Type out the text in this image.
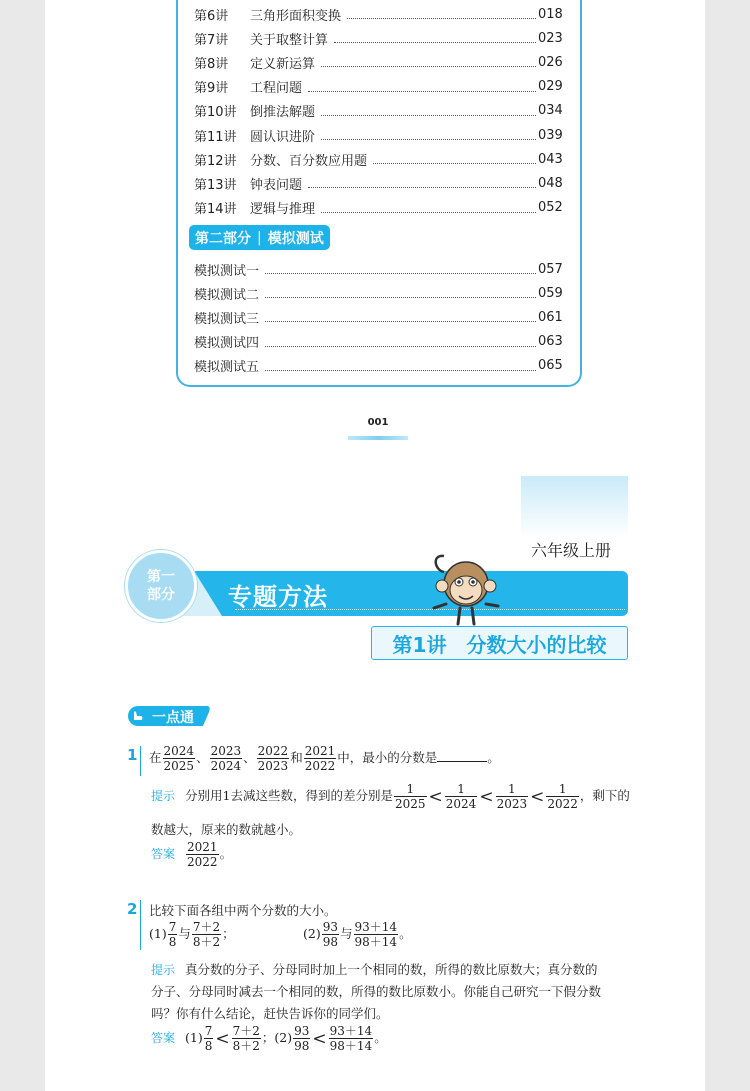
第6讲	三角形面积变换	018
第7讲	关于取整计算	023
第8讲	定义新运算	026
第9讲	工程问题	029
第10讲	倒推法解题	034
第11讲	圆认识进阶	039
第12讲	分数、百分数应用题	043
第13讲	钟表问题	048
第14讲	逻辑与推理	052
第二部分 | 模拟测试
模拟测试一	057
模拟测试二	059
模拟测试三	061
模拟测试四	063
模拟测试五	065
001
六年级上册
专题方法
第一
部分
第1讲 分数大小的比较
一点通
1 在 $\frac{2024}{2025}$ 、 $\frac{2023}{2024}$ 、 $\frac{2022}{2023}$ 和 $\frac{2021}{2022}$ 中，最小的分数是	。
提示 分别用1去减这些数，得到的差分别是 $\frac{1}{2025} < \frac{1}{2024} < \frac{1}{2023} < \frac{1}{2022}$ ，剩下的
数越大，原来的数就越小。
答案 $\frac{2021}{2022}$ 。
2 比较下面各组中两个分数的大小。
$(1) \frac{7}{8}$ 与 $\frac{7+2}{8+2}$ ；	$(2) \frac{93}{98}$ 与 $\frac{93+14}{98+14}$ 。
提示 真分数的分子、分母同时加上一个相同的数，所得的数比原数大；真分数的
分子、分母同时减去一个相同的数，所得的数比原数小。你能自己研究一下假分数
吗？你有什么结论，赶快告诉你的同学们。
答案 $(1) \frac{7}{8} < \frac{7+2}{8+2}$ ；$(2) \frac{93}{98} < \frac{93+14}{98+14}$ 。
